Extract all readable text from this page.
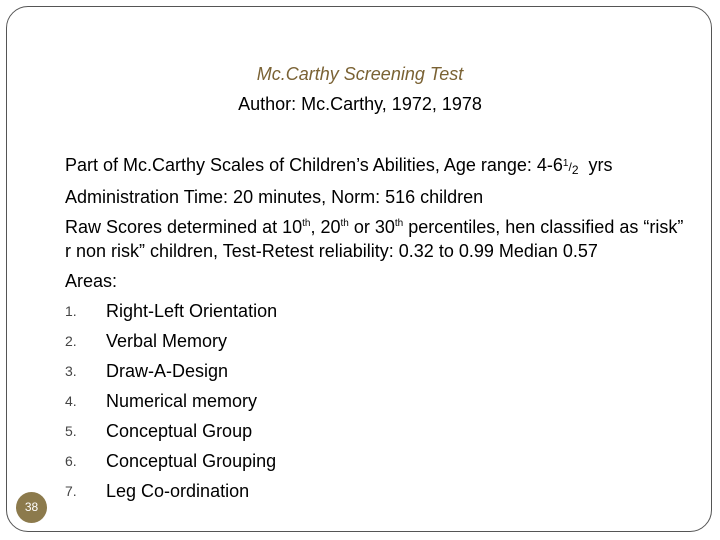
Mc.Carthy Screening Test
Author: Mc.Carthy, 1972, 1978
Part of Mc.Carthy Scales of Children’s Abilities, Age range: $4-6^1/2$ yrs
Administration Time: 20 minutes, Norm: 516 children
Raw Scores determined at 10th, 20th or 30th percentiles, hen classified as “risk” r non risk” children, Test-Retest reliability: 0.32 to 0.99 Median 0.57
Areas:
1.	Right-Left Orientation
2.	Verbal Memory
3.	Draw-A-Design
4.	Numerical memory
5.	Conceptual Group
6.	Conceptual Grouping
7.	Leg Co-ordination
38
